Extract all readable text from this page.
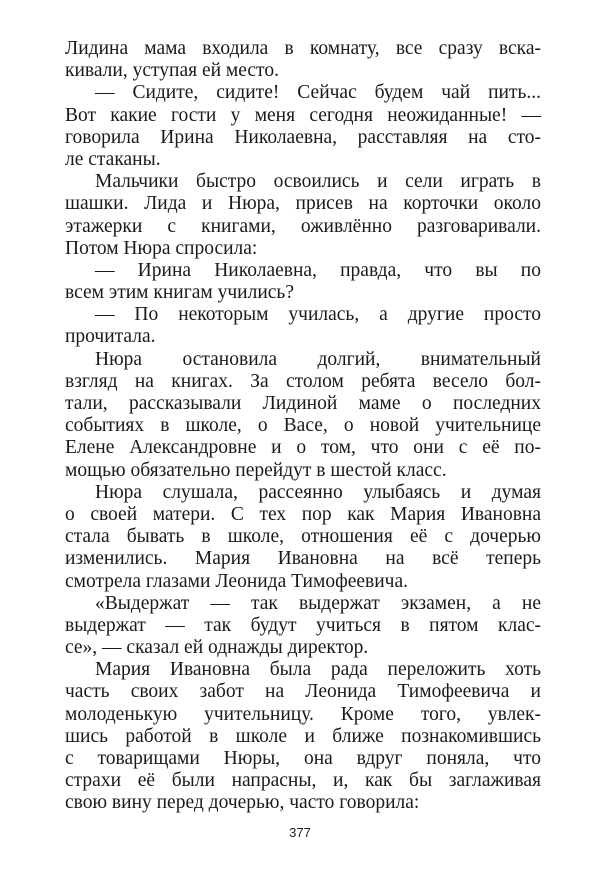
Лидина мама входила в комнату, все сразу вска-
кивали, уступая ей место.
— Сидите, сидите! Сейчас будем чай пить...
Вот какие гости у меня сегодня неожиданные! —
говорила Ирина Николаевна, расставляя на сто-
ле стаканы.
Мальчики быстро освоились и сели играть в
шашки. Лида и Нюра, присев на корточки около
этажерки с книгами, оживлённо разговаривали.
Потом Нюра спросила:
— Ирина Николаевна, правда, что вы по
всем этим книгам учились?
— По некоторым училась, а другие просто
прочитала.
Нюра остановила долгий, внимательный
взгляд на книгах. За столом ребята весело бол-
тали, рассказывали Лидиной маме о последних
событиях в школе, о Васе, о новой учительнице
Елене Александровне и о том, что они с её по-
мощью обязательно перейдут в шестой класс.
Нюра слушала, рассеянно улыбаясь и думая
о своей матери. С тех пор как Мария Ивановна
стала бывать в школе, отношения её с дочерью
изменились. Мария Ивановна на всё теперь
смотрела глазами Леонида Тимофеевича.
«Выдержат — так выдержат экзамен, а не
выдержат — так будут учиться в пятом клас-
се», — сказал ей однажды директор.
Мария Ивановна была рада переложить хоть
часть своих забот на Леонида Тимофеевича и
молоденькую учительницу. Кроме того, увлек-
шись работой в школе и ближе познакомившись
с товарищами Нюры, она вдруг поняла, что
страхи её были напрасны, и, как бы заглаживая
свою вину перед дочерью, часто говорила:
377
